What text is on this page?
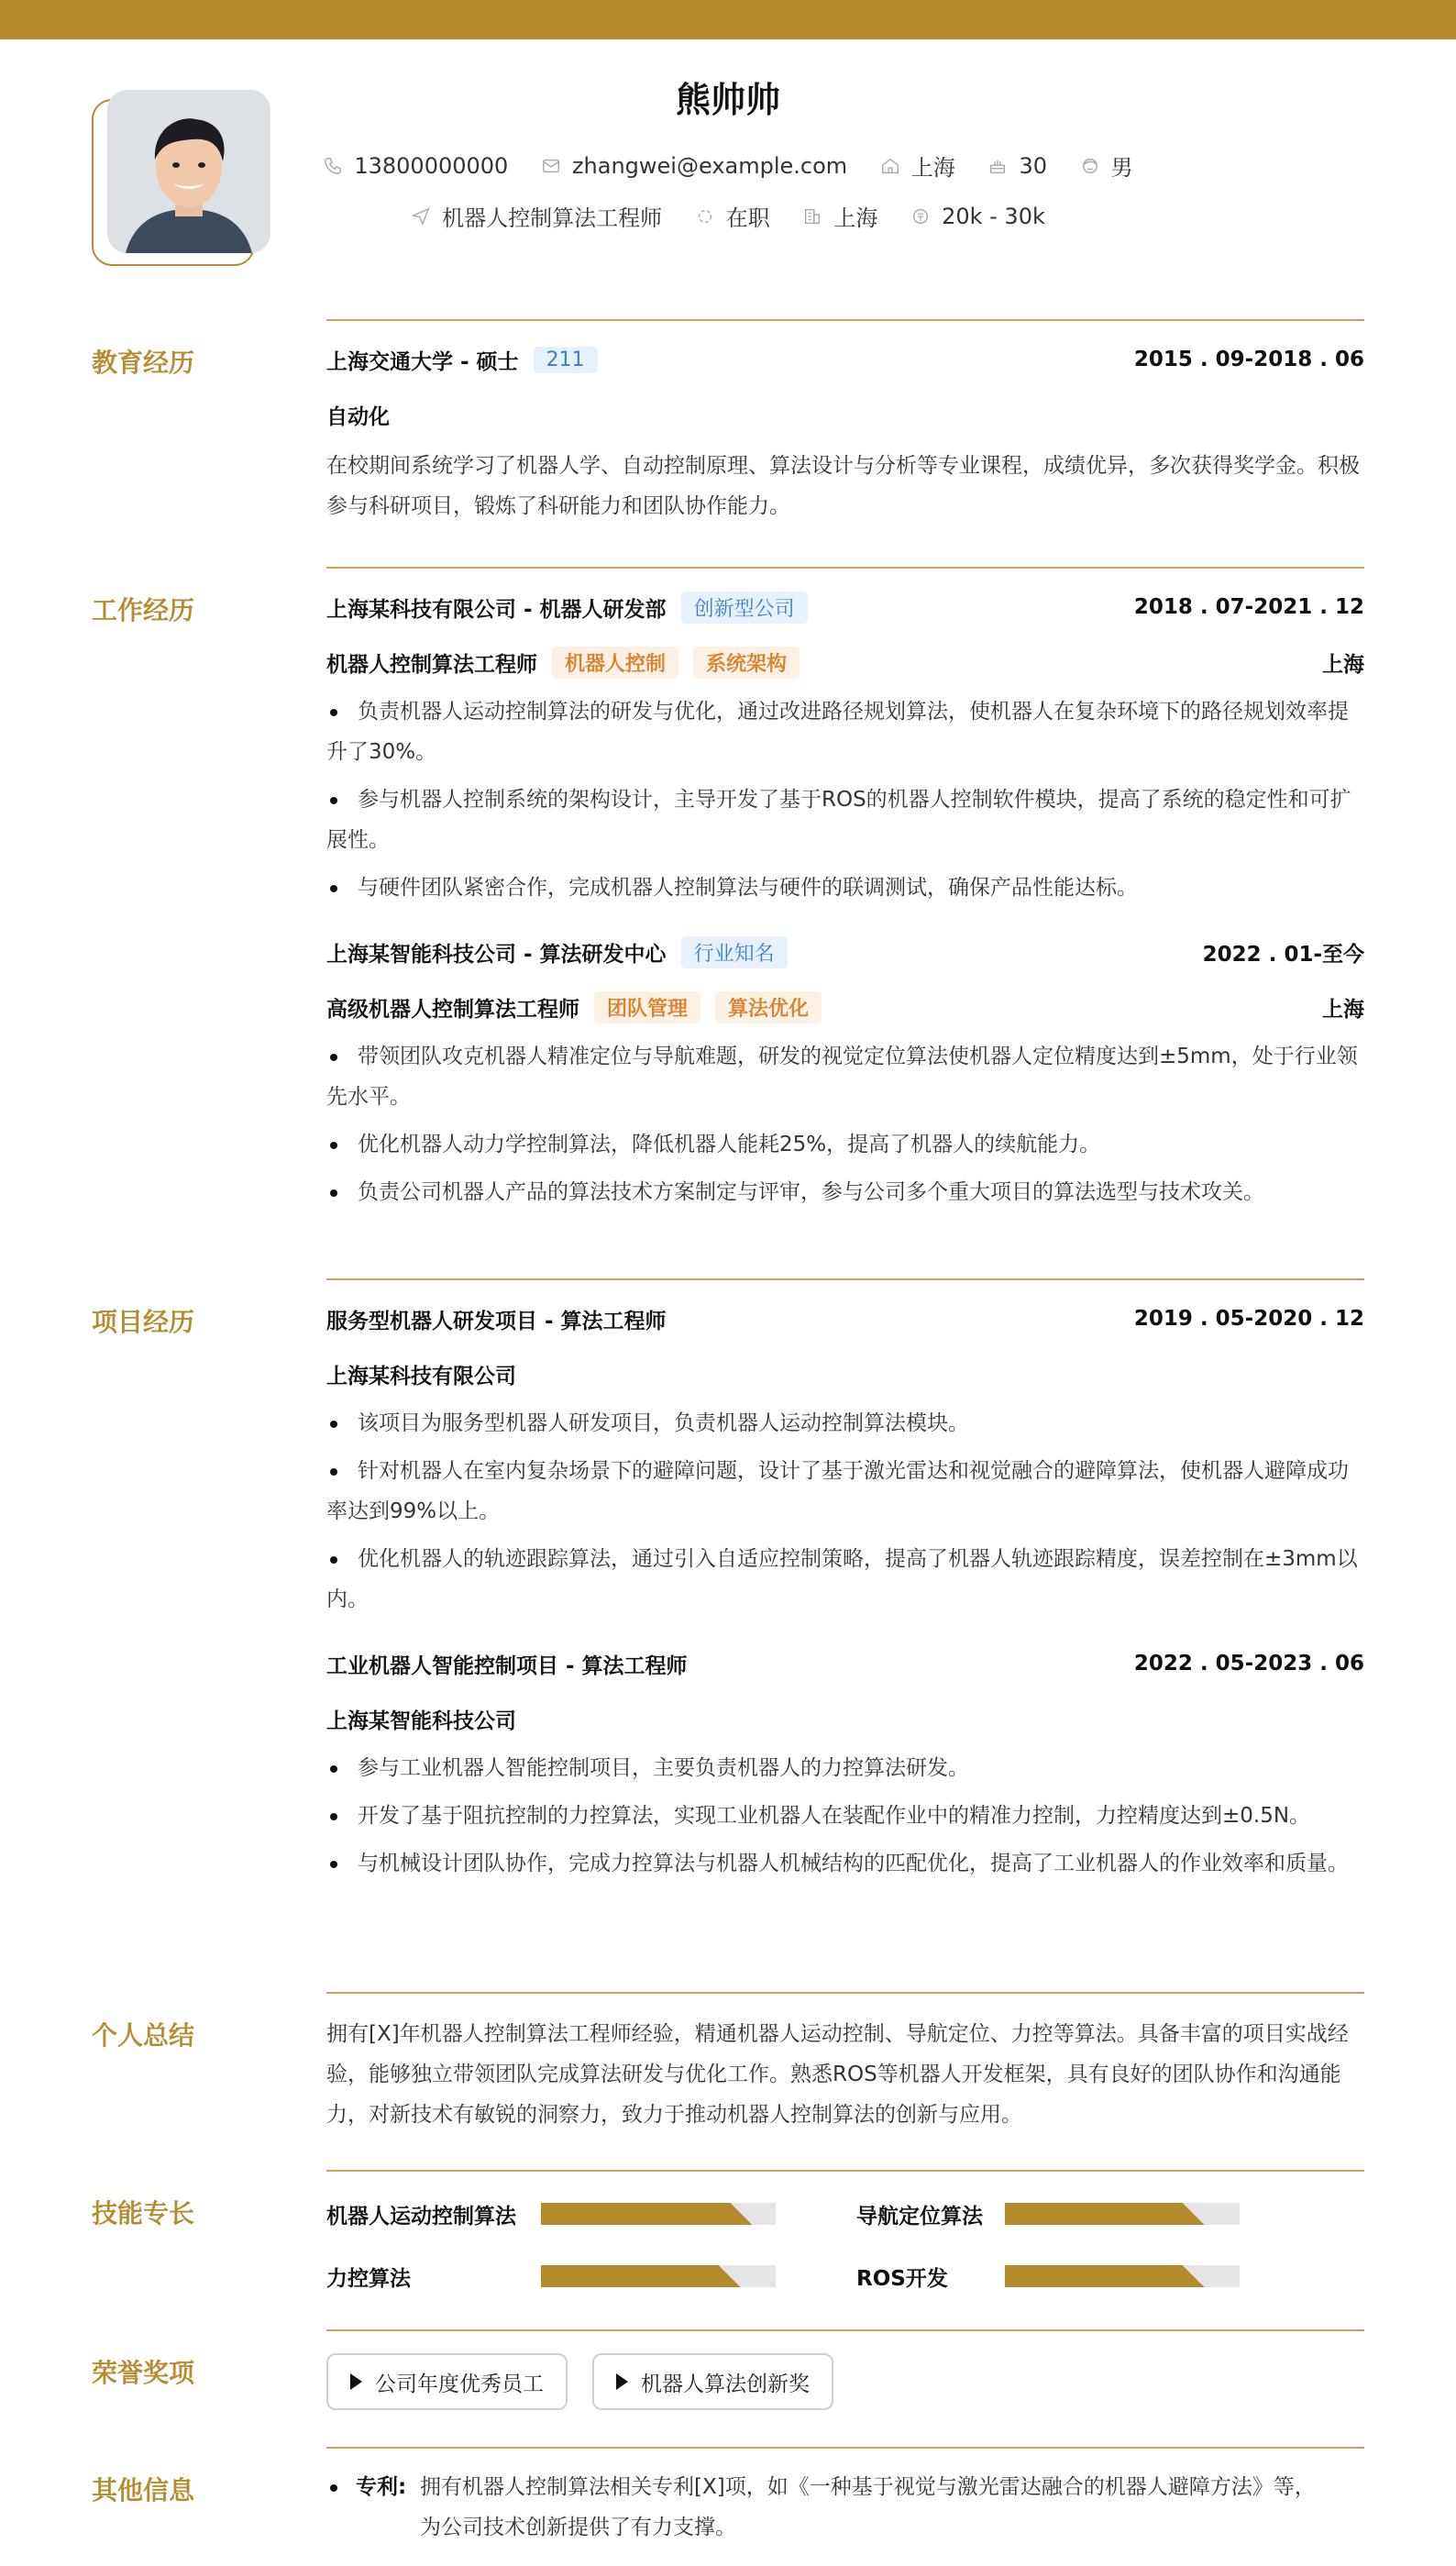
熊帅帅
13800000000
	zhangwei@example.com
	上海
	30
	男
机器人控制算法工程师
	在职
	上海
	20k - 30k
教育经历	上海交通大学 - 硕士	211	2015 . 09-2018 . 06
自动化
在校期间系统学习了机器人学、自动控制原理、算法设计与分析等专业课程，成绩优异，多次获得奖学金。积极参与科研项目，锻炼了科研能力和团队协作能力。
工作经历	上海某科技有限公司 - 机器人研发部	创新型公司	2018 . 07-2021 . 12
机器人控制算法工程师	机器人控制	系统架构	上海
负责机器人运动控制算法的研发与优化，通过改进路径规划算法，使机器人在复杂环境下的路径规划效率提升了30%。
参与机器人控制系统的架构设计，主导开发了基于ROS的机器人控制软件模块，提高了系统的稳定性和可扩展性。
与硬件团队紧密合作，完成机器人控制算法与硬件的联调测试，确保产品性能达标。
上海某智能科技公司 - 算法研发中心	行业知名	2022 . 01-至今
高级机器人控制算法工程师	团队管理	算法优化	上海
带领团队攻克机器人精准定位与导航难题，研发的视觉定位算法使机器人定位精度达到±5mm，处于行业领先水平。
优化机器人动力学控制算法，降低机器人能耗25%，提高了机器人的续航能力。
负责公司机器人产品的算法技术方案制定与评审，参与公司多个重大项目的算法选型与技术攻关。
项目经历	服务型机器人研发项目 - 算法工程师	2019 . 05-2020 . 12
上海某科技有限公司
该项目为服务型机器人研发项目，负责机器人运动控制算法模块。
针对机器人在室内复杂场景下的避障问题，设计了基于激光雷达和视觉融合的避障算法，使机器人避障成功率达到99%以上。
优化机器人的轨迹跟踪算法，通过引入自适应控制策略，提高了机器人轨迹跟踪精度，误差控制在±3mm以内。
工业机器人智能控制项目 - 算法工程师	2022 . 05-2023 . 06
上海某智能科技公司
参与工业机器人智能控制项目，主要负责机器人的力控算法研发。
开发了基于阻抗控制的力控算法，实现工业机器人在装配作业中的精准力控制，力控精度达到±0.5N。
与机械设计团队协作，完成力控算法与机器人机械结构的匹配优化，提高了工业机器人的作业效率和质量。
个人总结	拥有[X]年机器人控制算法工程师经验，精通机器人运动控制、导航定位、力控等算法。具备丰富的项目实战经验，能够独立带领团队完成算法研发与优化工作。熟悉ROS等机器人开发框架，具有良好的团队协作和沟通能力，对新技术有敏锐的洞察力，致力于推动机器人控制算法的创新与应用。
技能专长	机器人运动控制算法	导航定位算法
力控算法	ROS开发
荣誉奖项	公司年度优秀员工	机器人算法创新奖
其他信息	专利: 拥有机器人控制算法相关专利[X]项，如《一种基于视觉与激光雷达融合的机器人避障方法》等，
为公司技术创新提供了有力支撑。
